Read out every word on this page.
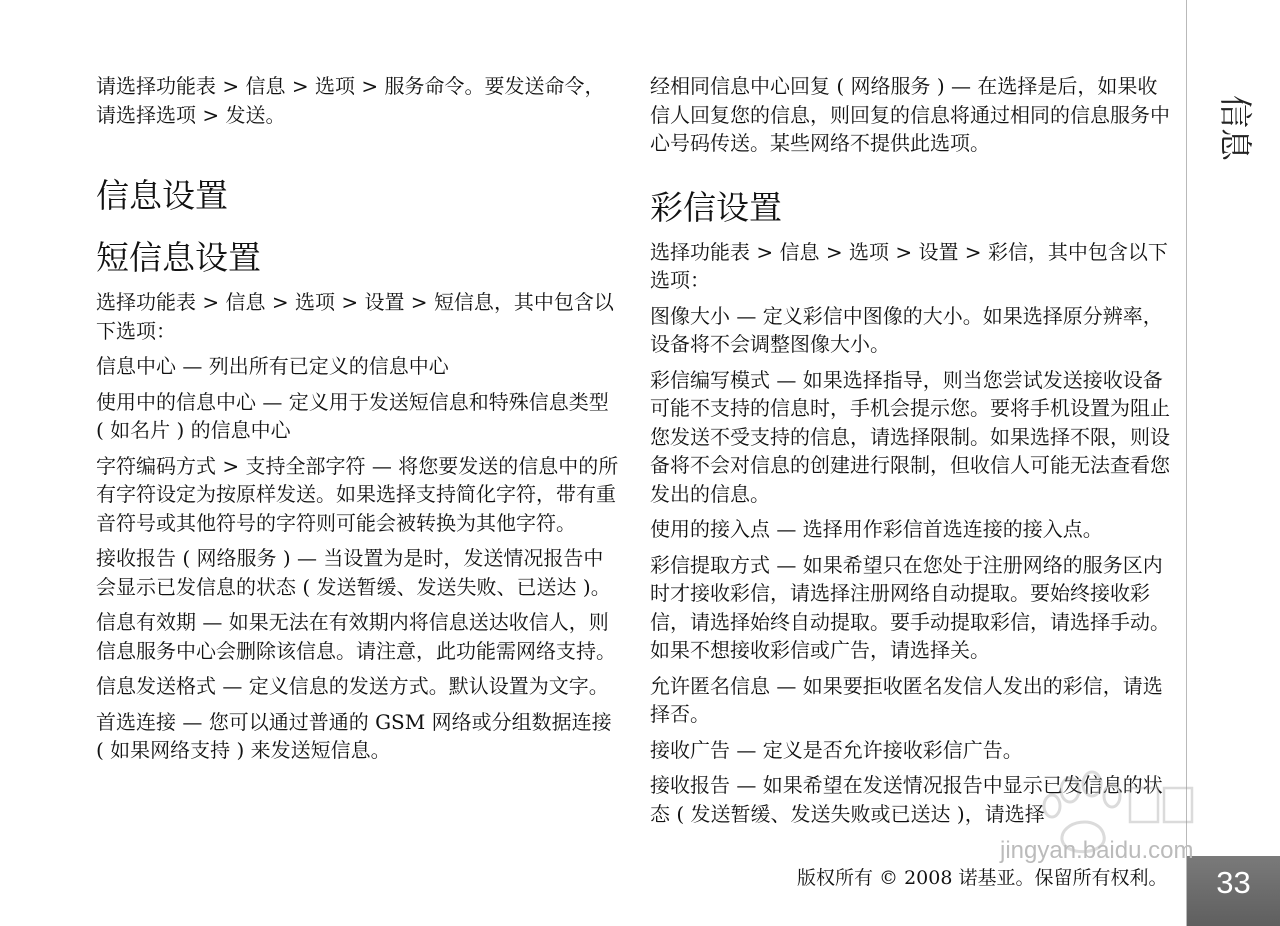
请选择功能表 > 信息 > 选项 > 服务命令。要发送命令，请选择选项 > 发送。

信息设置
短信息设置

选择功能表 > 信息 > 选项 > 设置 > 短信息，其中包含以下选项：

信息中心 — 列出所有已定义的信息中心

使用中的信息中心 — 定义用于发送短信息和特殊信息类型 ( 如名片 ) 的信息中心

字符编码方式 > 支持全部字符 — 将您要发送的信息中的所有字符设定为按原样发送。如果选择支持简化字符，带有重音符号或其他符号的字符则可能会被转换为其他字符。

接收报告 ( 网络服务 ) — 当设置为是时，发送情况报告中会显示已发信息的状态 ( 发送暂缓、发送失败、已送达 )。

信息有效期 — 如果无法在有效期内将信息送达收信人，则信息服务中心会删除该信息。请注意，此功能需网络支持。

信息发送格式 — 定义信息的发送方式。默认设置为文字。

首选连接 — 您可以通过普通的 GSM 网络或分组数据连接 ( 如果网络支持 ) 来发送短信息。

经相同信息中心回复 ( 网络服务 ) — 在选择是后，如果收信人回复您的信息，则回复的信息将通过相同的信息服务中心号码传送。某些网络不提供此选项。

彩信设置

选择功能表 > 信息 > 选项 > 设置 > 彩信，其中包含以下选项：

图像大小 — 定义彩信中图像的大小。如果选择原分辨率，设备将不会调整图像大小。

彩信编写模式 — 如果选择指导，则当您尝试发送接收设备可能不支持的信息时，手机会提示您。要将手机设置为阻止您发送不受支持的信息，请选择限制。如果选择不限，则设备将不会对信息的创建进行限制，但收信人可能无法查看您发出的信息。

使用的接入点 — 选择用作彩信首选连接的接入点。

彩信提取方式 — 如果希望只在您处于注册网络的服务区内时才接收彩信，请选择注册网络自动提取。要始终接收彩信，请选择始终自动提取。要手动提取彩信，请选择手动。如果不想接收彩信或广告，请选择关。

允许匿名信息 — 如果要拒收匿名发信人发出的彩信，请选择否。

接收广告 — 定义是否允许接收彩信广告。

接收报告 — 如果希望在发送情况报告中显示已发信息的状态 ( 发送暂缓、发送失败或已送达 )，请选择

版权所有 © 2008 诺基亚。保留所有权利。
信息
33
jingyan.baidu.com
